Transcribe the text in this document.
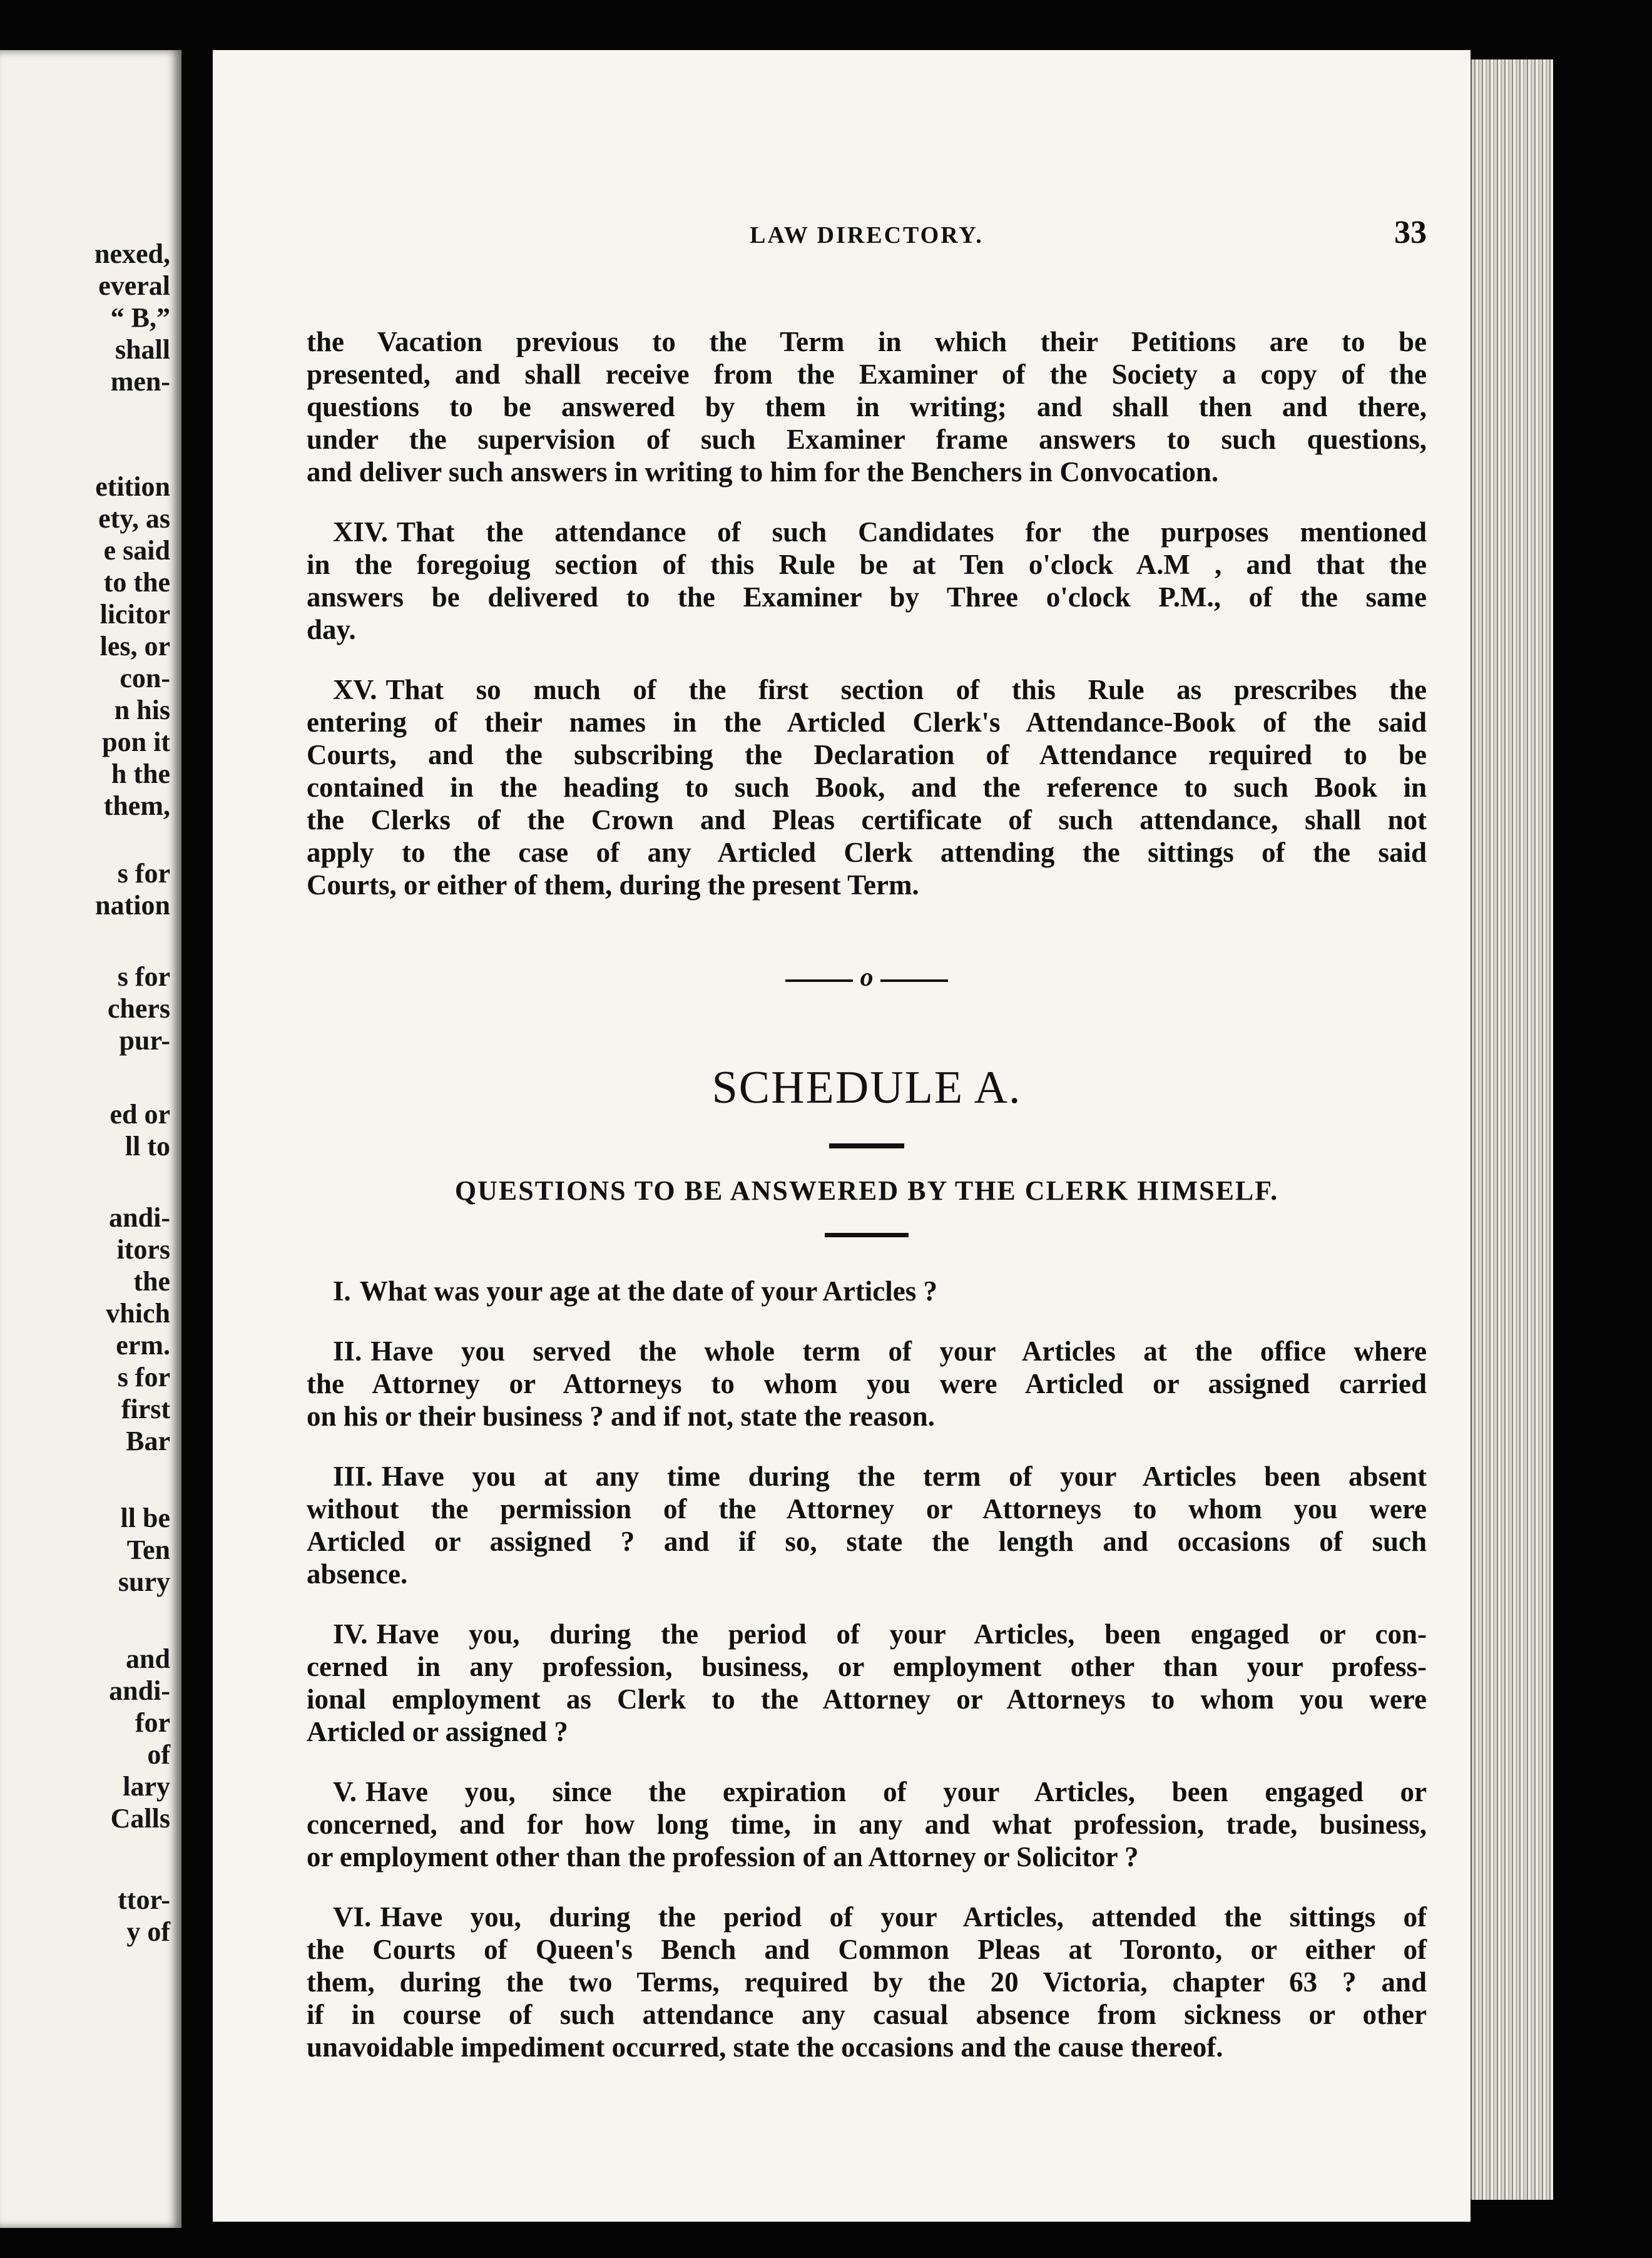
nexed,
everal
“ B,”
shall
men-
etition
ety, as
e said
to the
licitor
les, or
con-
n his
pon it
h the
them,
s for
nation
s for
chers
pur-
ed or
ll to
andi-
itors
the
vhich
erm.
s for
first
Bar
ll be
Ten
sury
and
andi-
for
of
lary
Calls
ttor-
y of
LAW DIRECTORY.	33
the Vacation previous to the Term in which their Petitions are to be
presented, and shall receive from the Examiner of the Society a copy of the
questions to be answered by them in writing; and shall then and there,
under the supervision of such Examiner frame answers to such questions,
and deliver such answers in writing to him for the Benchers in Convocation.
XIV. That the attendance of such Candidates for the purposes mentioned
in the foregoiug section of this Rule be at Ten o'clock A.M , and that the
answers be delivered to the Examiner by Three o'clock P.M., of the same
day.
XV. That so much of the first section of this Rule as prescribes the
entering of their names in the Articled Clerk's Attendance-Book of the said
Courts, and the subscribing the Declaration of Attendance required to be
contained in the heading to such Book, and the reference to such Book in
the Clerks of the Crown and Pleas certificate of such attendance, shall not
apply to the case of any Articled Clerk attending the sittings of the said
Courts, or either of them, during the present Term.
o
SCHEDULE A.
QUESTIONS TO BE ANSWERED BY THE CLERK HIMSELF.
I. What was your age at the date of your Articles ?
II. Have you served the whole term of your Articles at the office where
the Attorney or Attorneys to whom you were Articled or assigned carried
on his or their business ? and if not, state the reason.
III. Have you at any time during the term of your Articles been absent
without the permission of the Attorney or Attorneys to whom you were
Articled or assigned ? and if so, state the length and occasions of such
absence.
IV. Have you, during the period of your Articles, been engaged or con-
cerned in any profession, business, or employment other than your profess-
ional employment as Clerk to the Attorney or Attorneys to whom you were
Articled or assigned ?
V. Have you, since the expiration of your Articles, been engaged or
concerned, and for how long time, in any and what profession, trade, business,
or employment other than the profession of an Attorney or Solicitor ?
VI. Have you, during the period of your Articles, attended the sittings of
the Courts of Queen's Bench and Common Pleas at Toronto, or either of
them, during the two Terms, required by the 20 Victoria, chapter 63 ? and
if in course of such attendance any casual absence from sickness or other
unavoidable impediment occurred, state the occasions and the cause thereof.
